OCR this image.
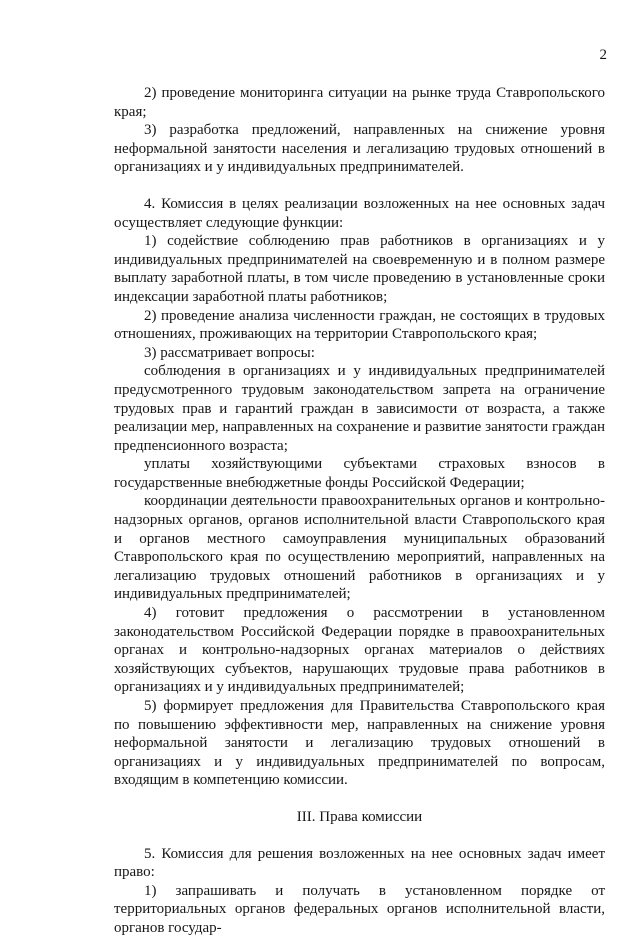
2

2) проведение мониторинга ситуации на рынке труда Ставропольского края;

3) разработка предложений, направленных на снижение уровня неформальной занятости населения и легализацию трудовых отношений в организациях и у индивидуальных предпринимателей.

4. Комиссия в целях реализации возложенных на нее основных задач осуществляет следующие функции:

1) содействие соблюдению прав работников в организациях и у индивидуальных предпринимателей на своевременную и в полном размере выплату заработной платы, в том числе проведению в установленные сроки индексации заработной платы работников;

2) проведение анализа численности граждан, не состоящих в трудовых отношениях, проживающих на территории Ставропольского края;

3) рассматривает вопросы:

соблюдения в организациях и у индивидуальных предпринимателей предусмотренного трудовым законодательством запрета на ограничение трудовых прав и гарантий граждан в зависимости от возраста, а также реализации мер, направленных на сохранение и развитие занятости граждан предпенсионного возраста;

уплаты хозяйствующими субъектами страховых взносов в государственные внебюджетные фонды Российской Федерации;

координации деятельности правоохранительных органов и контрольно-надзорных органов, органов исполнительной власти Ставропольского края и органов местного самоуправления муниципальных образований Ставропольского края по осуществлению мероприятий, направленных на легализацию трудовых отношений работников в организациях и у индивидуальных предпринимателей;

4) готовит предложения о рассмотрении в установленном законодательством Российской Федерации порядке в правоохранительных органах и контрольно-надзорных органах материалов о действиях хозяйствующих субъектов, нарушающих трудовые права работников в организациях и у индивидуальных предпринимателей;

5) формирует предложения для Правительства Ставропольского края по повышению эффективности мер, направленных на снижение уровня неформальной занятости и легализацию трудовых отношений в организациях и у индивидуальных предпринимателей по вопросам, входящим в компетенцию комиссии.

III. Права комиссии

5. Комиссия для решения возложенных на нее основных задач имеет право:

1) запрашивать и получать в установленном порядке от территориальных органов федеральных органов исполнительной власти, органов государ-
